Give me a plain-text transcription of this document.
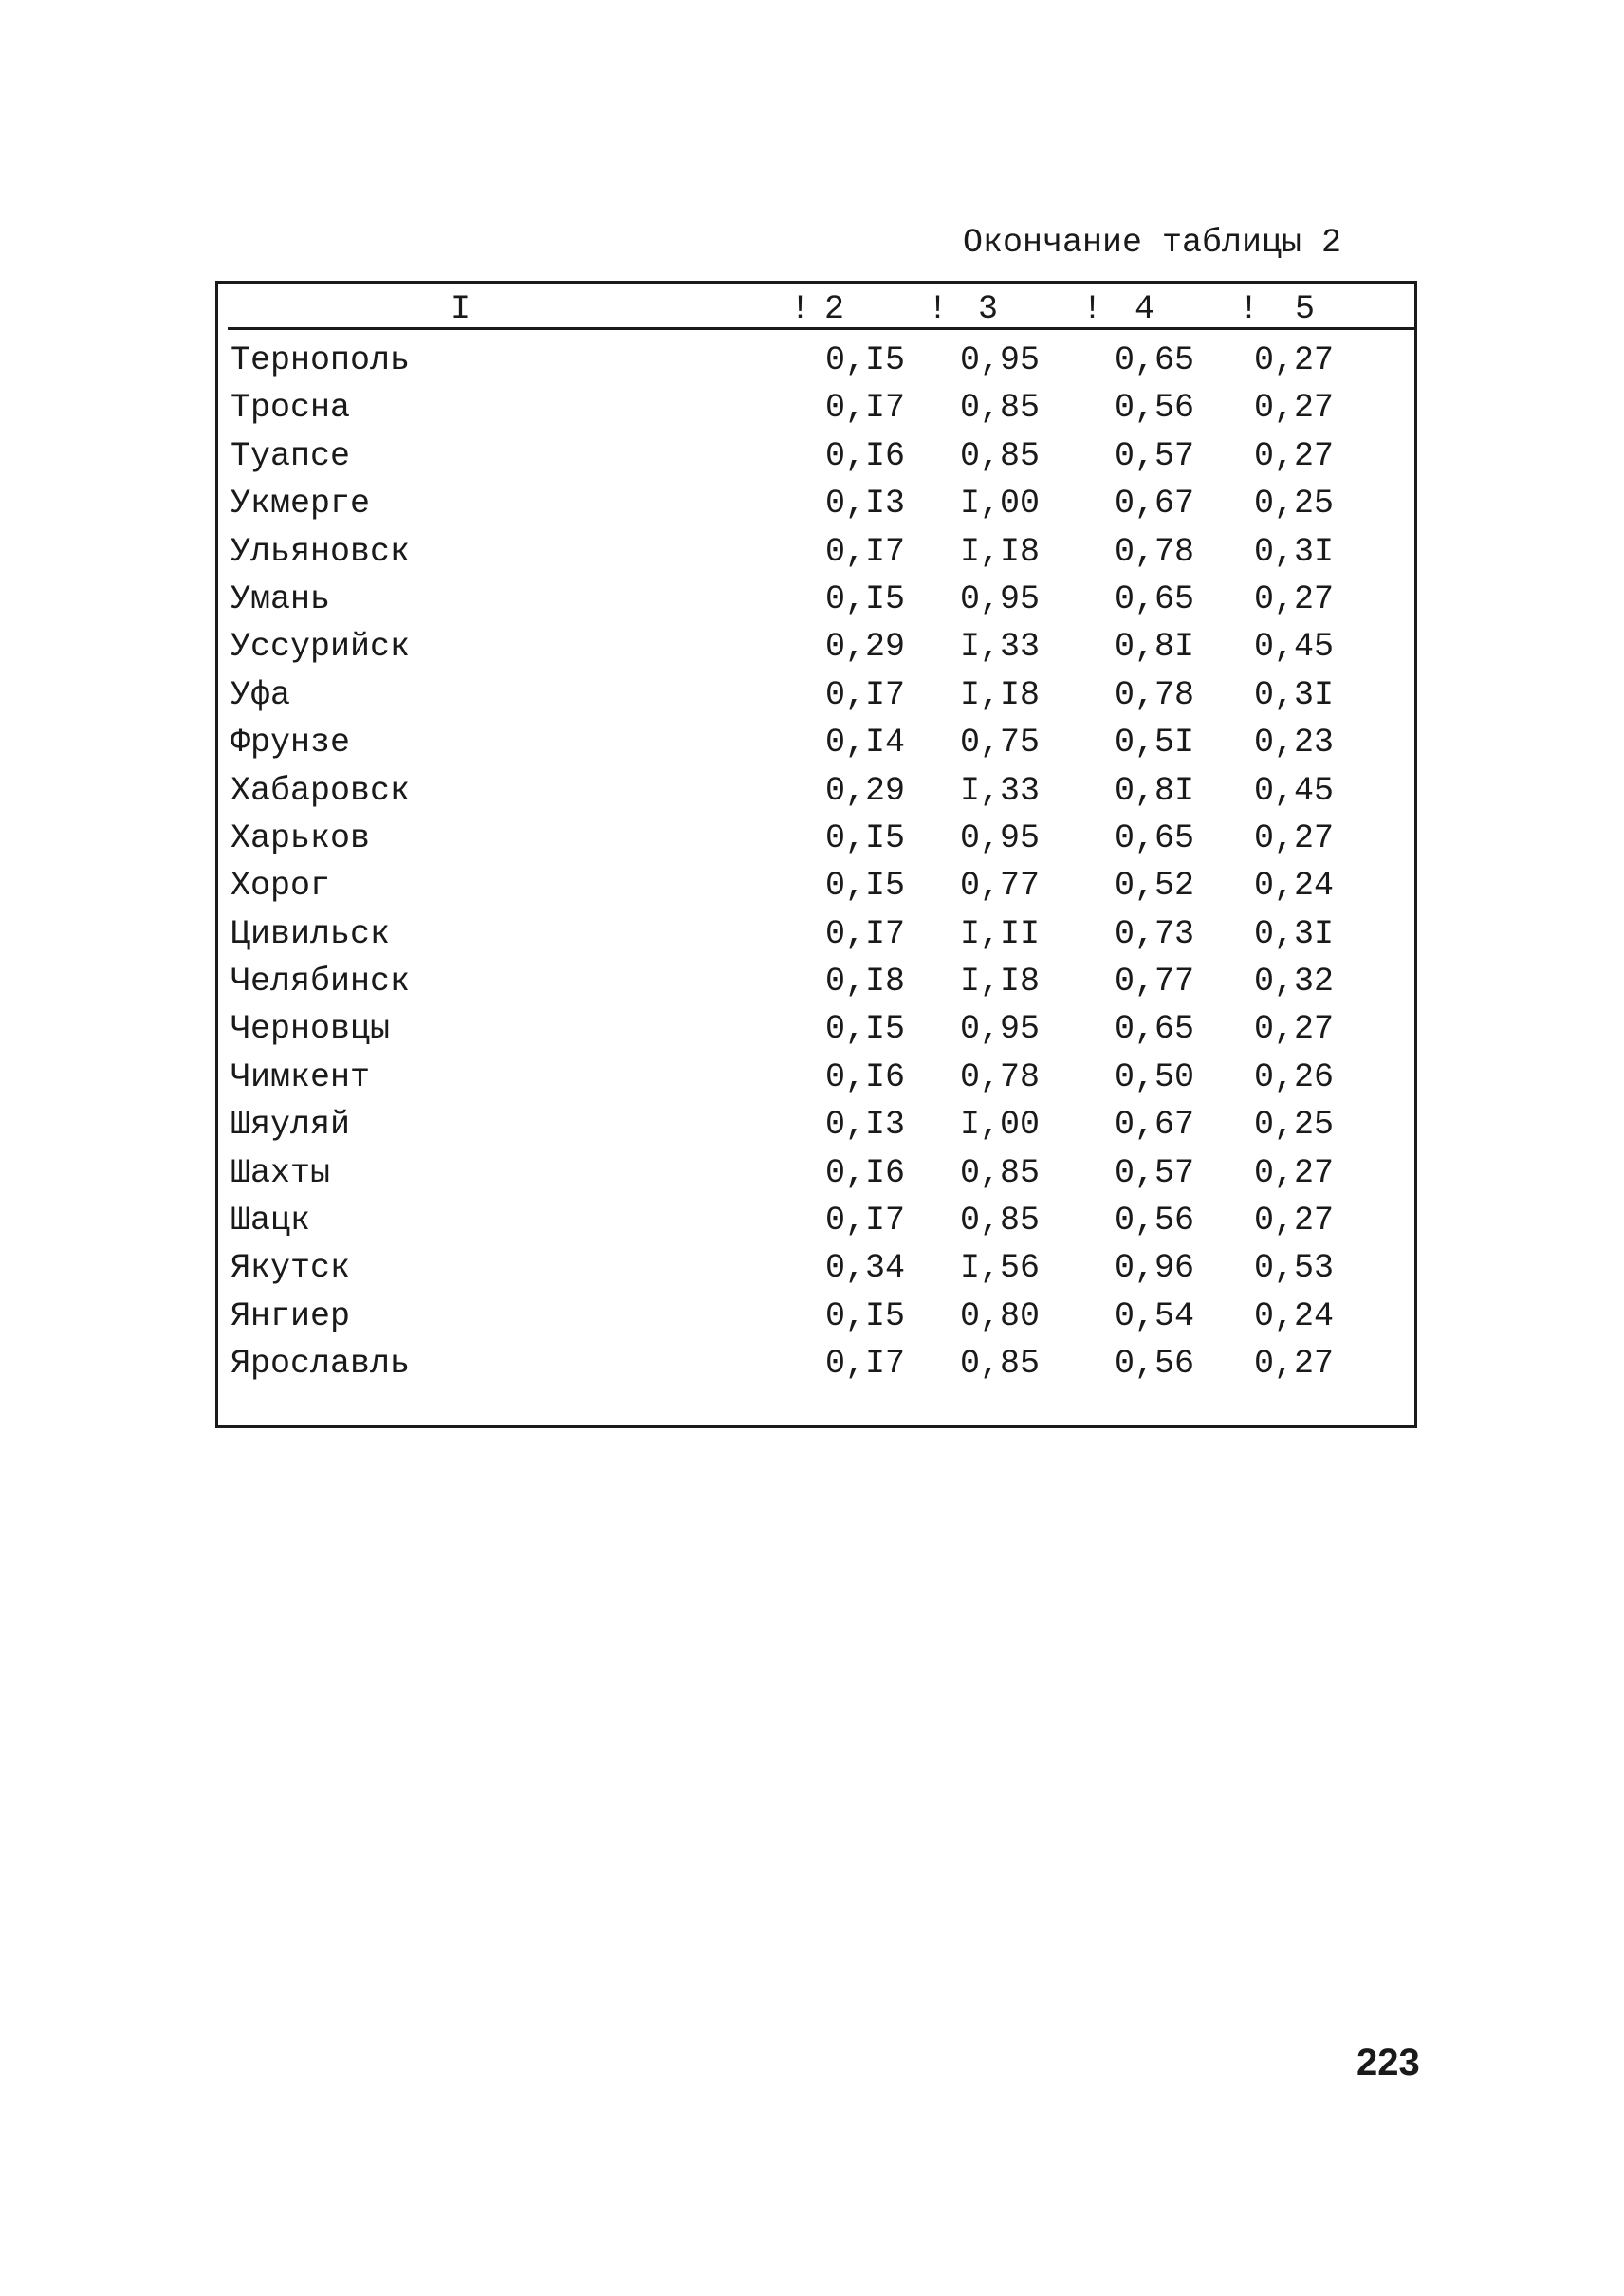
Окончание таблицы 2
I	! 2	! 3	! 4	! 5
Тернополь	0,I5 0,95 0,65 0,27
Тросна	0,I7 0,85 0,56 0,27
Туапсе	0,I6 0,85 0,57 0,27
Укмерге	0,I3 I,00 0,67 0,25
Ульяновск	0,I7 I,I8 0,78 0,3I
Умань	0,I5 0,95 0,65 0,27
Уссурийск	0,29 I,33 0,8I 0,45
Уфа	0,I7 I,I8 0,78 0,3I
Фрунзе	0,I4 0,75 0,5I 0,23
Хабаровск	0,29 I,33 0,8I 0,45
Харьков	0,I5 0,95 0,65 0,27
Хорог	0,I5 0,77 0,52 0,24
Цивильск	0,I7 I,II 0,73 0,3I
Челябинск	0,I8 I,I8 0,77 0,32
Черновцы	0,I5 0,95 0,65 0,27
Чимкент	0,I6 0,78 0,50 0,26
Шяуляй	0,I3 I,00 0,67 0,25
Шахты	0,I6 0,85 0,57 0,27
Шацк	0,I7 0,85 0,56 0,27
Якутск	0,34 I,56 0,96 0,53
Янгиер	0,I5 0,80 0,54 0,24
Ярославль	0,I7 0,85 0,56 0,27
223
